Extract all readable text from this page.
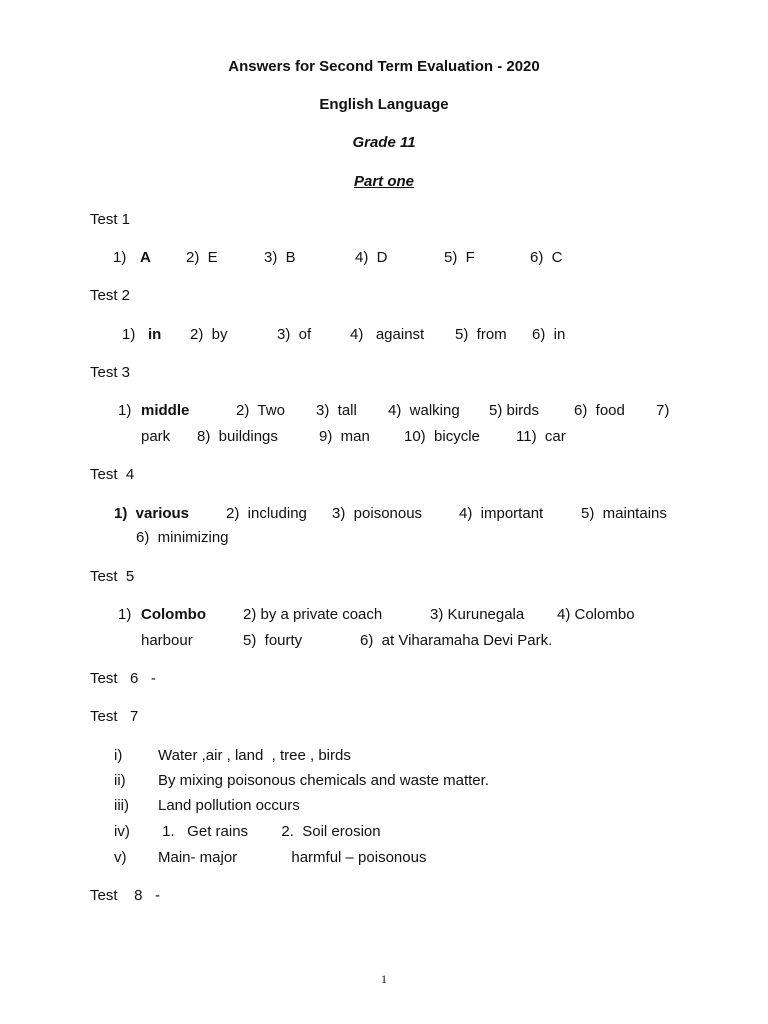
Answers for Second Term Evaluation - 2020
English Language
Grade 11
Part one
Test 1
1) A 2)  E	3)  B	4)  D	5)  F	6)  C
Test 2
1) in 2)  by	3)  of	4)   against 5)  from 6)  in
Test 3
1) middle	2)  Two 3)  tall 4)  walking 5) birds 6)  food 7)
park 8)  buildings	9)  man 10)  bicycle 11)  car
Test  4
1)  various 2)  including 3)  poisonous 4)  important	5)  maintains
6)  minimizing
Test  5
1) Colombo 2) by a private coach	3) Kurunegala 4) Colombo
harbour	5)  fourty	6)  at Viharamaha Devi Park.
Test   6   -
Test   7
i) Water ,air , land  , tree , birds
ii) By mixing poisonous chemicals and waste matter.
iii) Land pollution occurs
iv) 1.   Get rains        2.  Soil erosion
v) Main- major             harmful – poisonous
Test    8   -
1
